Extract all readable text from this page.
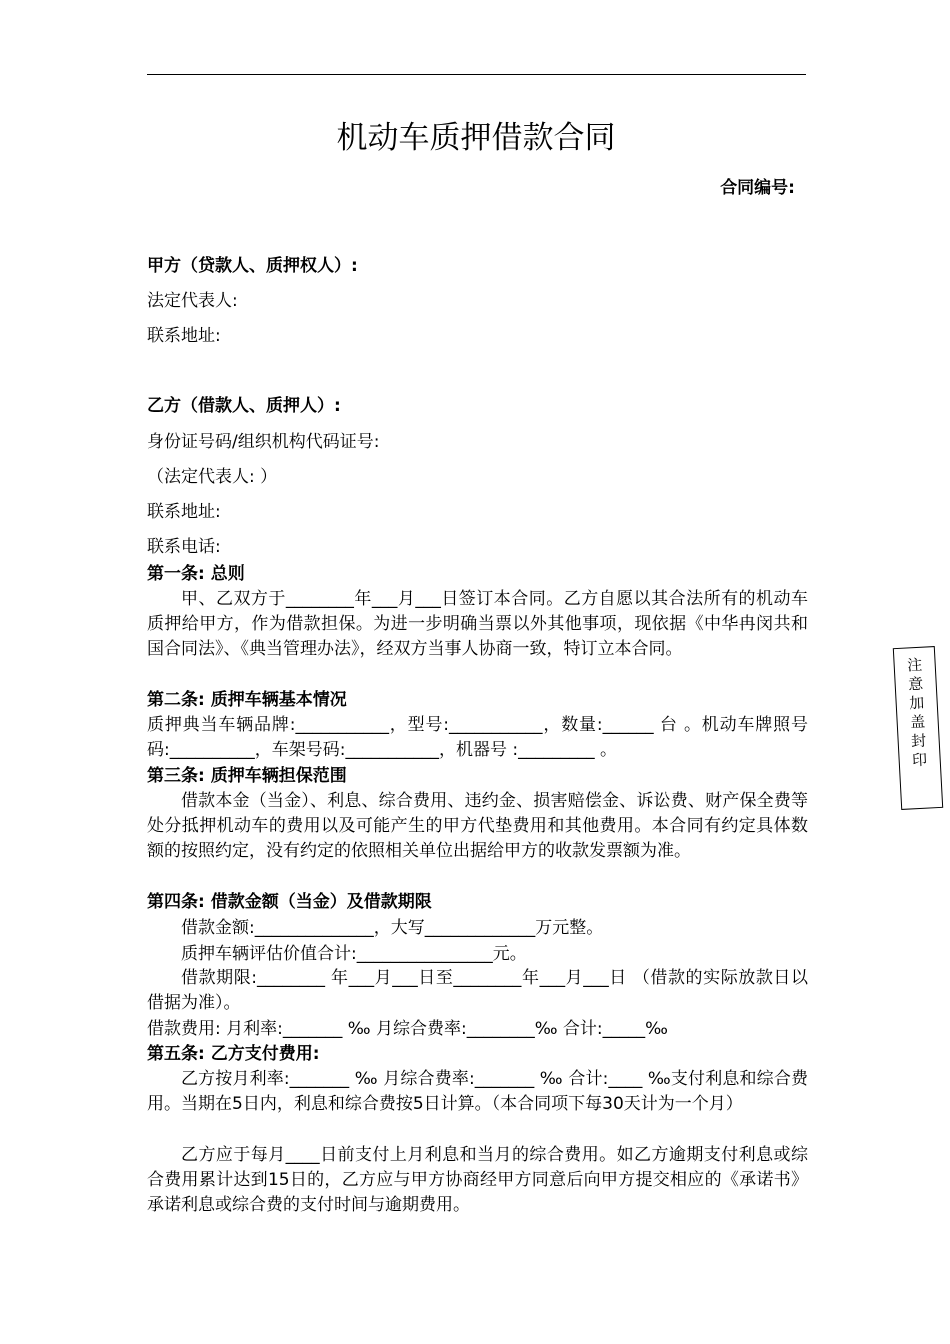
机动车质押借款合同
合同编号:
甲方（贷款人、质押权人）:
法定代表人:
联系地址:
乙方（借款人、质押人）:
身份证号码/组织机构代码证号:
（法定代表人: ）
联系地址:
联系电话:
第一条: 总则
甲、乙双方于________年___月___日签订本合同。乙方自愿以其合法所有的机动车质押给甲方，作为借款担保。为进一步明确当票以外其他事项，现依据《中华冉闵共和国合同法》、《典当管理办法》，经双方当事人协商一致，特订立本合同。
第二条: 质押车辆基本情况
质押典当车辆品牌:___________，型号:___________，数量:______ 台 。机动车牌照号码:__________，车架号码:___________，机器号 :_________ 。
第三条: 质押车辆担保范围
借款本金（当金）、利息、综合费用、违约金、损害赔偿金、诉讼费、财产保全费等处分抵押机动车的费用以及可能产生的甲方代垫费用和其他费用。本合同有约定具体数额的按照约定，没有约定的依照相关单位出据给甲方的收款发票额为准。
第四条: 借款金额（当金）及借款期限
借款金额:______________，大写_____________万元整。
质押车辆评估价值合计:________________元。
借款期限:________ 年___月___日至________年___月___日 （借款的实际放款日以借据为准）。
借款费用: 月利率:_______ ‰ 月综合费率:________‰ 合计:_____‰
第五条: 乙方支付费用:
乙方按月利率:_______ ‰ 月综合费率:_______ ‰ 合计:____ ‰支付利息和综合费用。当期在5日内，利息和综合费按5日计算。（本合同项下每30天计为一个月）
乙方应于每月____日前支付上月利息和当月的综合费用。如乙方逾期支付利息或综合费用累计达到15日的，乙方应与甲方协商经甲方同意后向甲方提交相应的《承诺书》承诺利息或综合费的支付时间与逾期费用。
注
意
加
盖
封
印
